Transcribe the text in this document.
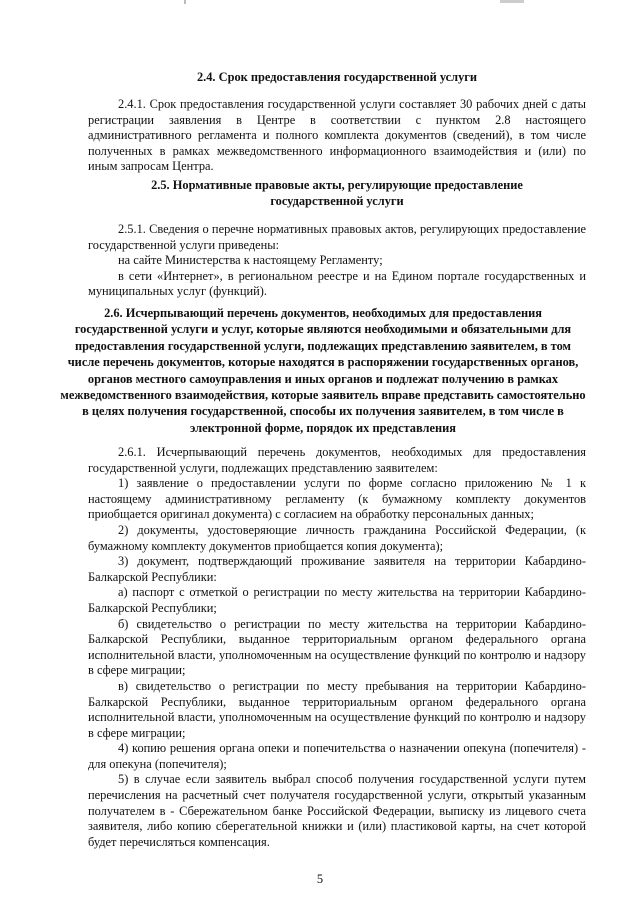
2.4. Срок предоставления государственной услуги

2.4.1. Срок предоставления государственной услуги составляет 30 рабочих дней с даты регистрации заявления в Центре в соответствии с пунктом 2.8 настоящего административного регламента и полного комплекта документов (сведений), в том числе полученных в рамках межведомственного информационного взаимодействия и (или) по иным запросам Центра.

2.5. Нормативные правовые акты, регулирующие предоставление
государственной услуги

2.5.1. Сведения о перечне нормативных правовых актов, регулирующих предоставление государственной услуги приведены:

на сайте Министерства к настоящему Регламенту;

в сети «Интернет», в региональном реестре и на Едином портале государственных и муниципальных услуг (функций).

2.6. Исчерпывающий перечень документов, необходимых для предоставления государственной услуги и услуг, которые являются необходимыми и обязательными для предоставления государственной услуги, подлежащих представлению заявителем, в том числе перечень документов, которые находятся в распоряжении государственных органов, органов местного самоуправления и иных органов и подлежат получению в рамках межведомственного взаимодействия, которые заявитель вправе представить самостоятельно в целях получения государственной, способы их получения заявителем, в том числе в электронной форме, порядок их представления

2.6.1. Исчерпывающий перечень документов, необходимых для предоставления государственной услуги, подлежащих представлению заявителем:

1) заявление о предоставлении услуги по форме согласно приложению № 1 к настоящему административному регламенту (к бумажному комплекту документов приобщается оригинал документа) с согласием на обработку персональных данных;

2) документы, удостоверяющие личность гражданина Российской Федерации, (к бумажному комплекту документов приобщается копия документа);

3) документ, подтверждающий проживание заявителя на территории Кабардино-Балкарской Республики:

а) паспорт с отметкой о регистрации по месту жительства на территории Кабардино-Балкарской Республики;

б) свидетельство о регистрации по месту жительства на территории Кабардино-Балкарской Республики, выданное территориальным органом федерального органа исполнительной власти, уполномоченным на осуществление функций по контролю и надзору в сфере миграции;

в) свидетельство о регистрации по месту пребывания на территории Кабардино-Балкарской Республики, выданное территориальным органом федерального органа исполнительной власти, уполномоченным на осуществление функций по контролю и надзору в сфере миграции;

4) копию решения органа опеки и попечительства о назначении опекуна (попечителя) - для опекуна (попечителя);

5) в случае если заявитель выбрал способ получения государственной услуги путем перечисления на расчетный счет получателя государственной услуги, открытый указанным получателем в - Сбережательном банке Российской Федерации, выписку из лицевого счета заявителя, либо копию сберегательной книжки и (или) пластиковой карты, на счет которой будет перечисляться компенсация.

5
